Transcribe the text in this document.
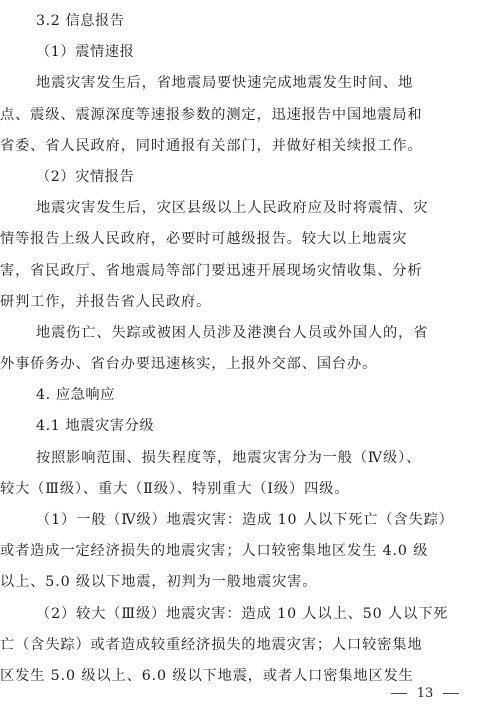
3.2 信息报告
（1）震情速报
地震灾害发生后，省地震局要快速完成地震发生时间、地
点、震级、震源深度等速报参数的测定，迅速报告中国地震局和
省委、省人民政府，同时通报有关部门，并做好相关续报工作。
（2）灾情报告
地震灾害发生后，灾区县级以上人民政府应及时将震情、灾
情等报告上级人民政府，必要时可越级报告。较大以上地震灾
害，省民政厅、省地震局等部门要迅速开展现场灾情收集、分析
研判工作，并报告省人民政府。
地震伤亡、失踪或被困人员涉及港澳台人员或外国人的，省
外事侨务办、省台办要迅速核实，上报外交部、国台办。
4. 应急响应
4.1 地震灾害分级
按照影响范围、损失程度等，地震灾害分为一般（Ⅳ级）、
较大（Ⅲ级）、重大（Ⅱ级）、特别重大（Ⅰ级）四级。
（1）一般（Ⅳ级）地震灾害：造成 10 人以下死亡（含失踪）
或者造成一定经济损失的地震灾害；人口较密集地区发生 4.0 级
以上、5.0 级以下地震，初判为一般地震灾害。
（2）较大（Ⅲ级）地震灾害：造成 10 人以上、50 人以下死
亡（含失踪）或者造成较重经济损失的地震灾害；人口较密集地
区发生 5.0 级以上、6.0 级以下地震，或者人口密集地区发生
13
